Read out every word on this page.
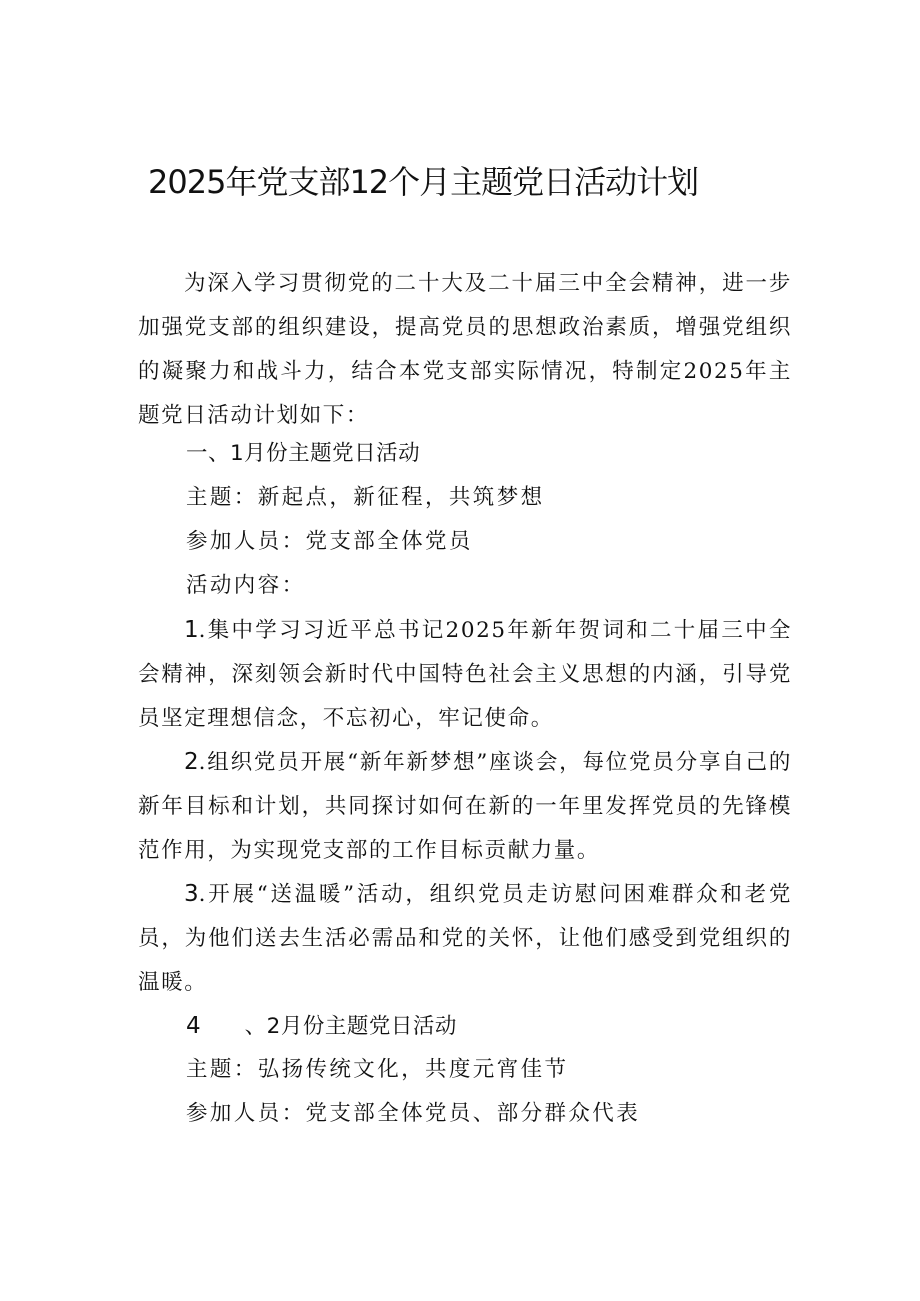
2025年党支部12个月主题党日活动计划
为深入学习贯彻党的二十大及二十届三中全会精神，进一步加强党支部的组织建设，提高党员的思想政治素质，增强党组织的凝聚力和战斗力，结合本党支部实际情况，特制定2025年主题党日活动计划如下：
一、1月份主题党日活动
主题：新起点，新征程，共筑梦想
参加人员：党支部全体党员
活动内容：
1.集中学习习近平总书记2025年新年贺词和二十届三中全会精神，深刻领会新时代中国特色社会主义思想的内涵，引导党员坚定理想信念，不忘初心，牢记使命。
2.组织党员开展“新年新梦想”座谈会，每位党员分享自己的新年目标和计划，共同探讨如何在新的一年里发挥党员的先锋模范作用，为实现党支部的工作目标贡献力量。
3.开展“送温暖”活动，组织党员走访慰问困难群众和老党员，为他们送去生活必需品和党的关怀，让他们感受到党组织的温暖。
4 、2月份主题党日活动
主题：弘扬传统文化，共度元宵佳节
参加人员：党支部全体党员、部分群众代表
